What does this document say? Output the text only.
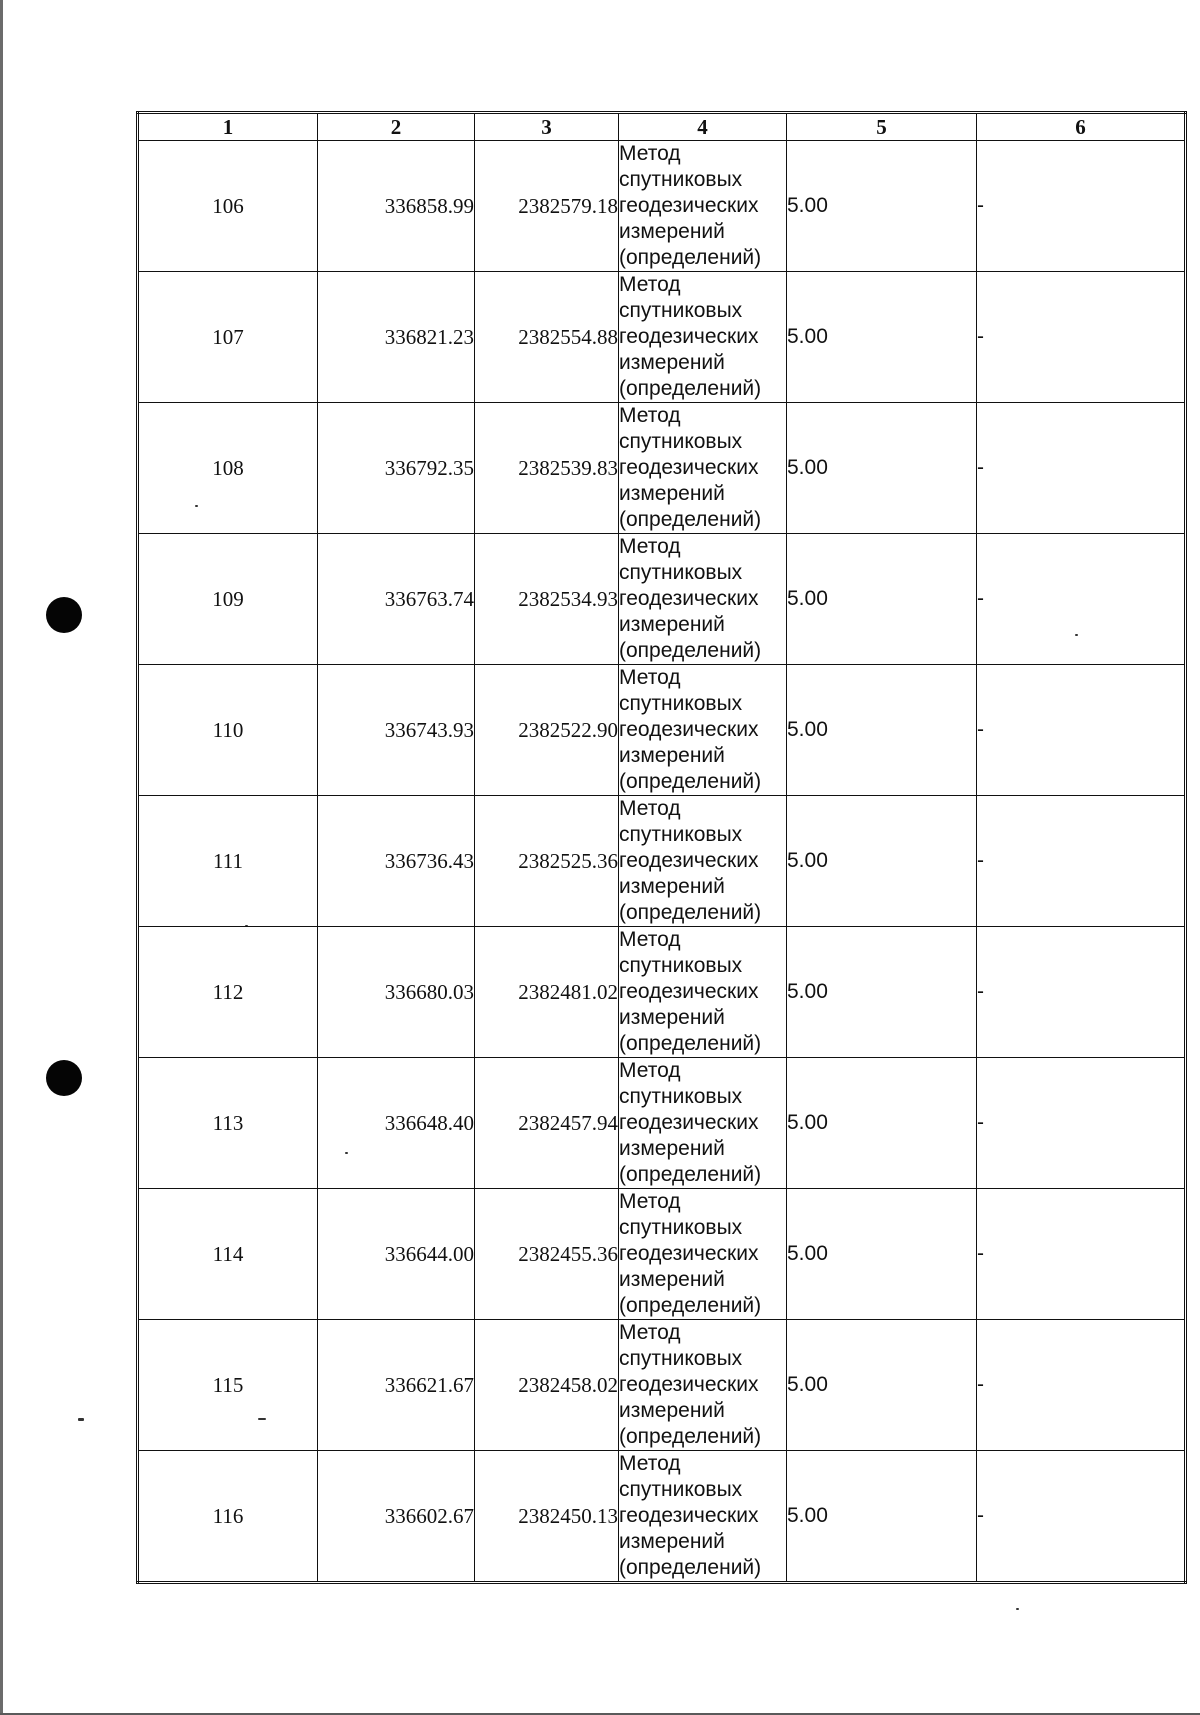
1	2	3	4	5	6
106	336858.99	2382579.18	Метод
спутниковых
геодезических
измерений
(определений)	5.00	-
107	336821.23	2382554.88	Метод
спутниковых
геодезических
измерений
(определений)	5.00	-
108	336792.35	2382539.83	Метод
спутниковых
геодезических
измерений
(определений)	5.00	-
109	336763.74	2382534.93	Метод
спутниковых
геодезических
измерений
(определений)	5.00	-
110	336743.93	2382522.90	Метод
спутниковых
геодезических
измерений
(определений)	5.00	-
111	336736.43	2382525.36	Метод
спутниковых
геодезических
измерений
(определений)	5.00	-
112	336680.03	2382481.02	Метод
спутниковых
геодезических
измерений
(определений)	5.00	-
113	336648.40	2382457.94	Метод
спутниковых
геодезических
измерений
(определений)	5.00	-
114	336644.00	2382455.36	Метод
спутниковых
геодезических
измерений
(определений)	5.00	-
115	336621.67	2382458.02	Метод
спутниковых
геодезических
измерений
(определений)	5.00	-
116	336602.67	2382450.13	Метод
спутниковых
геодезических
измерений
(определений)	5.00	-
